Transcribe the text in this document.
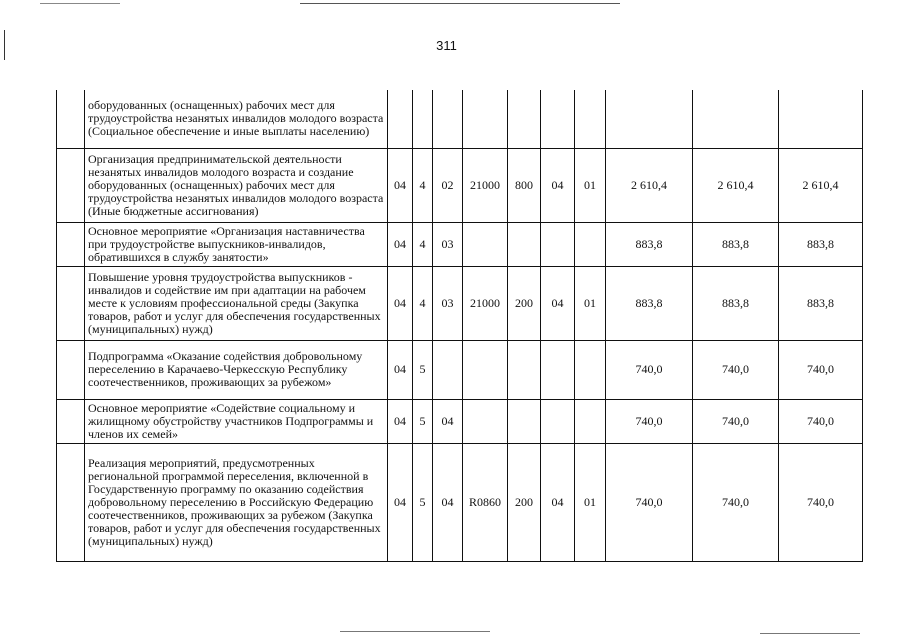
311
	оборудованных (оснащенных) рабочих мест для трудоустройства незанятых инвалидов молодого возраста (Социальное обеспечение и иные выплаты населению)										
	Организация предпринимательской деятельности незанятых инвалидов молодого возраста и создание оборудованных (оснащенных) рабочих мест для трудоустройства незанятых инвалидов молодого возраста (Иные бюджетные ассигнования)	04	4	02	21000	800	04	01	2 610,4	2 610,4	2 610,4
	Основное мероприятие «Организация наставничества при трудоустройстве выпускников-инвалидов, обратившихся в службу занятости»	04	4	03					883,8	883,8	883,8
	Повышение уровня трудоустройства выпускников - инвалидов и содействие им при адаптации на рабочем месте к условиям профессиональной среды (Закупка товаров, работ и услуг для обеспечения государственных (муниципальных) нужд)	04	4	03	21000	200	04	01	883,8	883,8	883,8
	Подпрограмма «Оказание содействия добровольному переселению в Карачаево-Черкесскую Республику соотечественников, проживающих за рубежом»	04	5						740,0	740,0	740,0
	Основное мероприятие «Содействие социальному и жилищному обустройству участников Подпрограммы и членов их семей»	04	5	04					740,0	740,0	740,0
	Реализация мероприятий, предусмотренных региональной программой переселения, включенной в Государственную программу по оказанию содействия добровольному переселению в Российскую Федерацию соотечественников, проживающих за рубежом (Закупка товаров, работ и услуг для обеспечения государственных (муниципальных) нужд)	04	5	04	R0860	200	04	01	740,0	740,0	740,0
